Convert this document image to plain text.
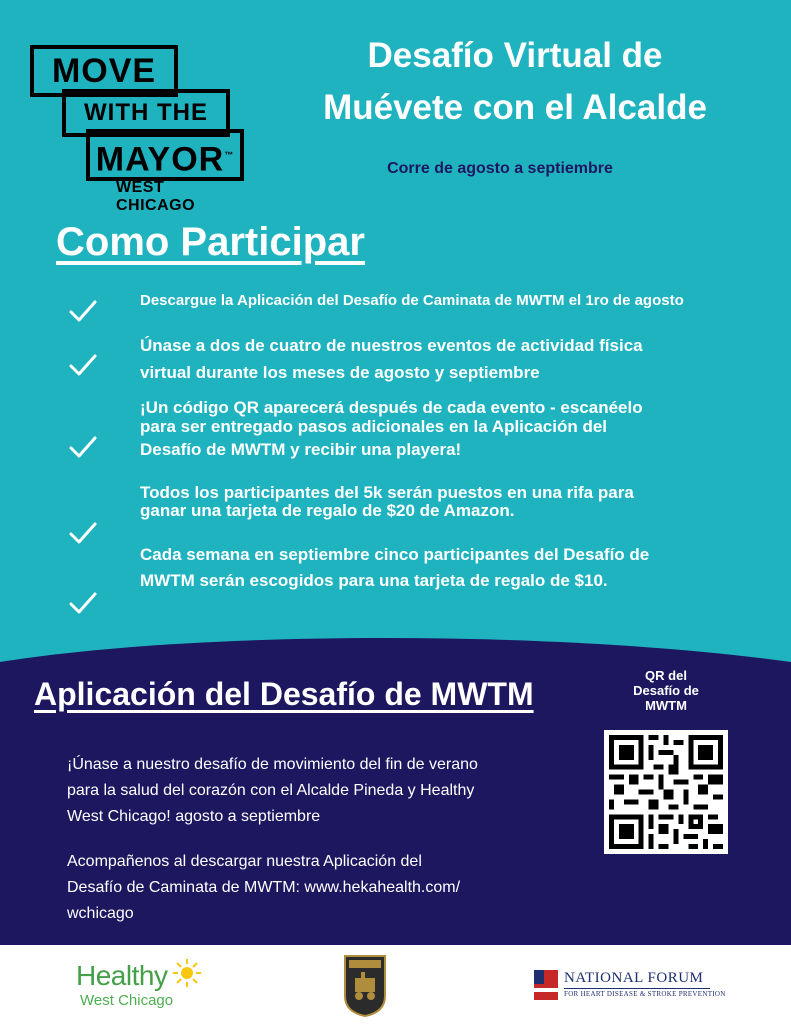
MOVE
WITH THE
MAYOR™
WEST CHICAGO
Desafío Virtual de
Muévete con el Alcalde
Corre de agosto a septiembre
Como Participar
Descargue la Aplicación del Desafío de Caminata de MWTM el 1ro de agosto
Únase a dos de cuatro de nuestros eventos de actividad física
virtual durante los meses de agosto y septiembre
¡Un código QR aparecerá después de cada evento - escanéelo
para ser entregado pasos adicionales en la Aplicación del
Desafío de MWTM y recibir una playera!
Todos los participantes del 5k serán puestos en una rifa para
ganar una tarjeta de regalo de $20 de Amazon.
Cada semana en septiembre cinco participantes del Desafío de
MWTM serán escogidos para una tarjeta de regalo de $10.
Aplicación del Desafío de MWTM
QR del
Desafío de
MWTM
¡Únase a nuestro desafío de movimiento del fin de verano
para la salud del corazón con el Alcalde Pineda y Healthy
West Chicago! agosto a septiembre
Acompañenos al descargar nuestra Aplicación del
Desafío de Caminata de MWTM: www.hekahealth.com/
wchicago
Healthy
West Chicago
NATIONAL FORUM
FOR HEART DISEASE & STROKE PREVENTION
